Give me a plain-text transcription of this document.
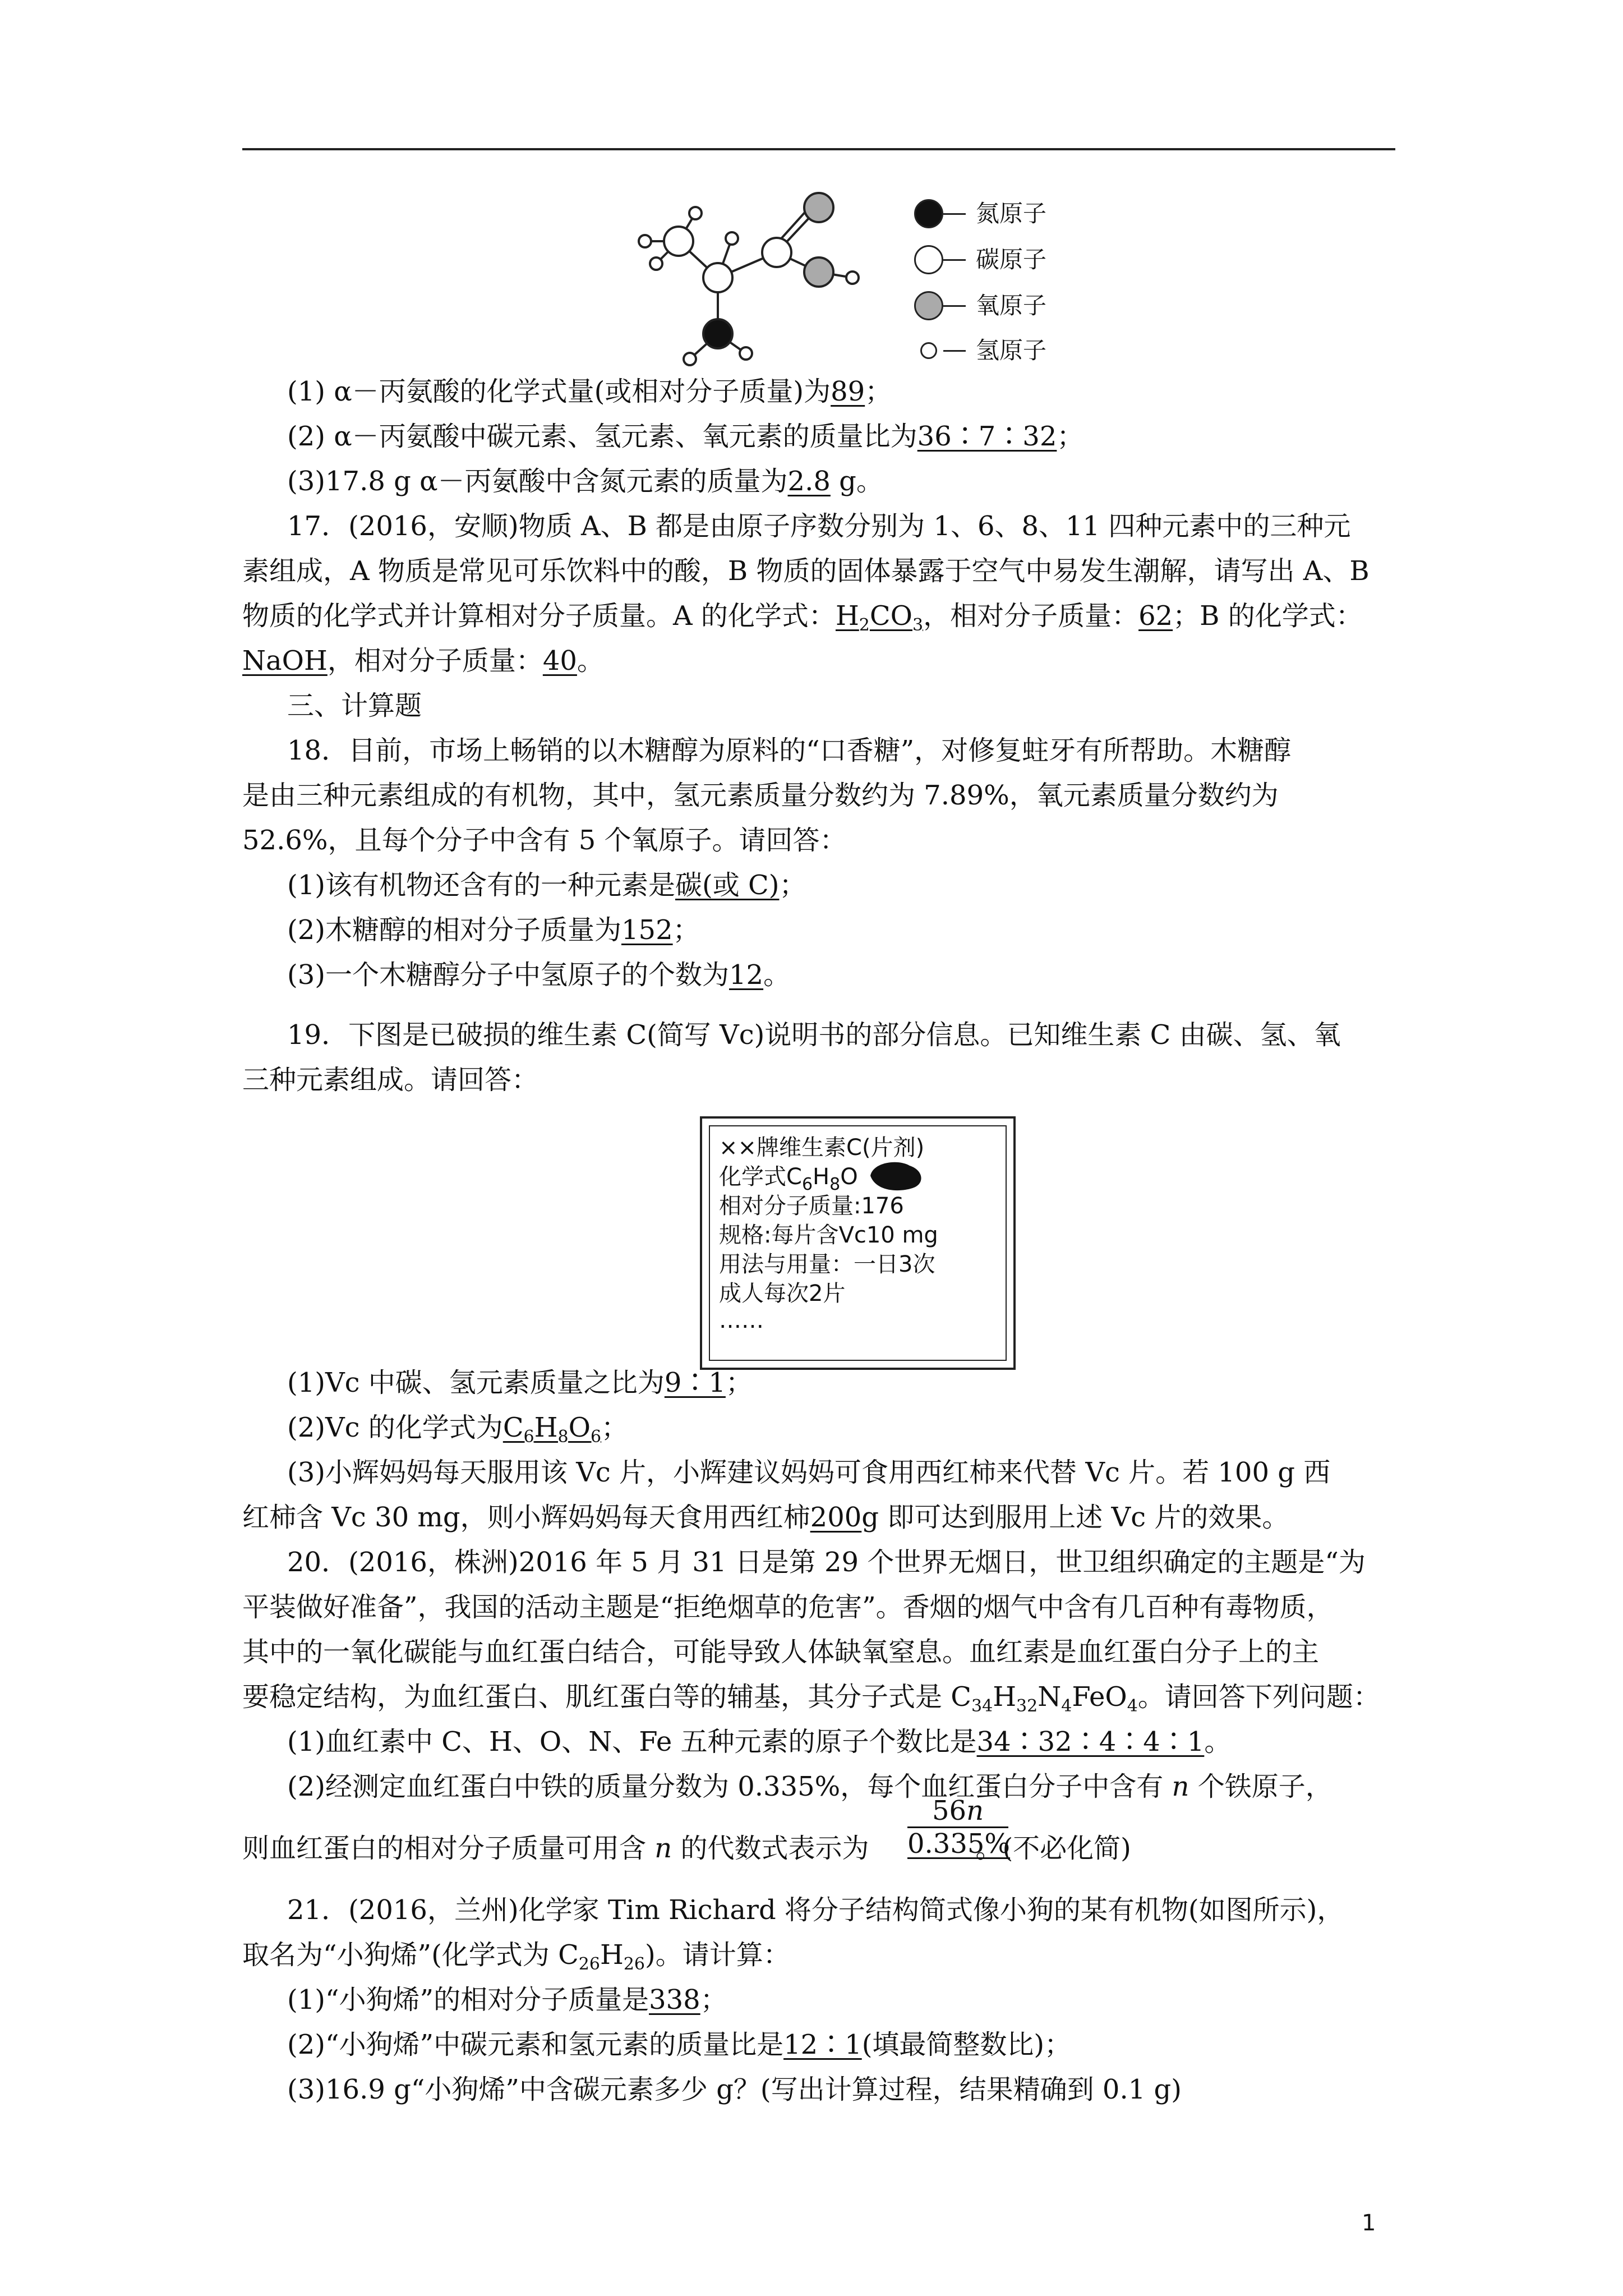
氮原子
碳原子
氧原子
氢原子
(1) α－丙氨酸的化学式量(或相对分子质量)为89；
(2) α－丙氨酸中碳元素、氢元素、氧元素的质量比为36∶7∶32；
(3)17.8 g α－丙氨酸中含氮元素的质量为2.8 g。
17．(2016，安顺)物质 A、B 都是由原子序数分别为 1、6、8、11 四种元素中的三种元
素组成，A 物质是常见可乐饮料中的酸，B 物质的固体暴露于空气中易发生潮解，请写出 A、B
物质的化学式并计算相对分子质量。A 的化学式：$H_2CO_3$，相对分子质量：62；B 的化学式：
NaOH，相对分子质量：40。
三、计算题
18．目前，市场上畅销的以木糖醇为原料的“口香糖”，对修复蛀牙有所帮助。木糖醇
是由三种元素组成的有机物，其中，氢元素质量分数约为 7.89%，氧元素质量分数约为
52.6%，且每个分子中含有 5 个氧原子。请回答：
(1)该有机物还含有的一种元素是碳(或 C)；
(2)木糖醇的相对分子质量为152；
(3)一个木糖醇分子中氢原子的个数为12。
19．下图是已破损的维生素 C(简写 Vc)说明书的部分信息。已知维生素 C 由碳、氢、氧
三种元素组成。请回答：
××牌维生素C(片剂)
化学式$C_6H_8O$
相对分子质量:176
规格:每片含Vc10 mg
用法与用量：一日3次
成人每次2片
……
(1)Vc 中碳、氢元素质量之比为9∶1；
(2)Vc 的化学式为$C_6H_8O_6$；
(3)小辉妈妈每天服用该 Vc 片，小辉建议妈妈可食用西红柿来代替 Vc 片。若 100 g 西
红柿含 Vc 30 mg，则小辉妈妈每天食用西红柿200g 即可达到服用上述 Vc 片的效果。
20．(2016，株洲)2016 年 5 月 31 日是第 29 个世界无烟日，世卫组织确定的主题是“为
平装做好准备”，我国的活动主题是“拒绝烟草的危害”。香烟的烟气中含有几百种有毒物质，
其中的一氧化碳能与血红蛋白结合，可能导致人体缺氧窒息。血红素是血红蛋白分子上的主
要稳定结构，为血红蛋白、肌红蛋白等的辅基，其分子式是 $C_{34}H_{32}N_4FeO_4$。请回答下列问题：
(1)血红素中 C、H、O、N、Fe 五种元素的原子个数比是34∶32∶4∶4∶1。
(2)经测定血红蛋白中铁的质量分数为 0.335%，每个血红蛋白分子中含有 n 个铁原子，
则血红蛋白的相对分子质量可用含 n 的代数式表示为	。(不必化简)
56n
0.335%
21．(2016，兰州)化学家 Tim Richard 将分子结构简式像小狗的某有机物(如图所示)，
取名为“小狗烯”(化学式为 $C_{26}H_{26}$)。请计算：
(1)“小狗烯”的相对分子质量是338；
(2)“小狗烯”中碳元素和氢元素的质量比是12∶1(填最简整数比)；
(3)16.9 g“小狗烯”中含碳元素多少 g？(写出计算过程，结果精确到 0.1 g)
1
